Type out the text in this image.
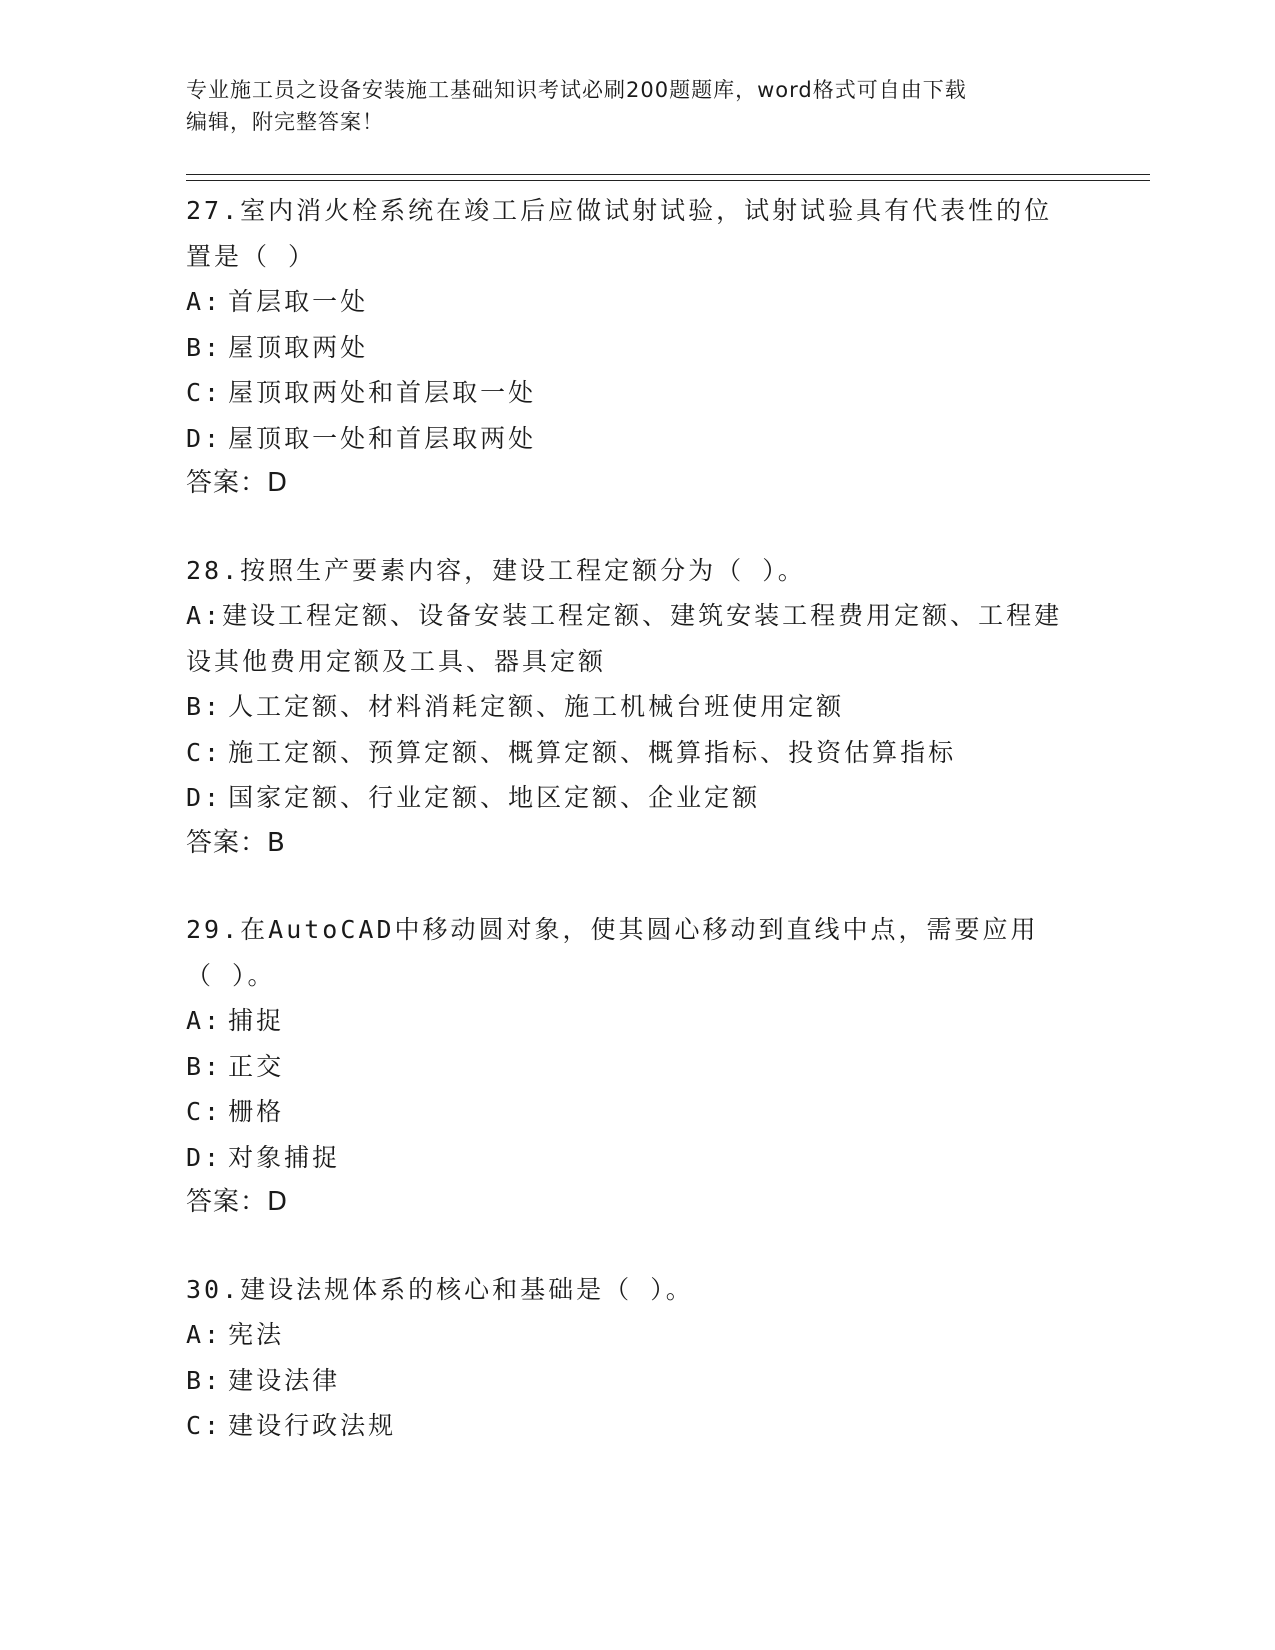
专业施工员之设备安装施工基础知识考试必刷200题题库，word格式可自由下载
编辑，附完整答案！

27.室内消火栓系统在竣工后应做试射试验，试射试验具有代表性的位置是（ ）

A: 首层取一处

B: 屋顶取两处

C: 屋顶取两处和首层取一处

D: 屋顶取一处和首层取两处

答案：D

28.按照生产要素内容，建设工程定额分为（ ）。

A:建设工程定额、设备安装工程定额、建筑安装工程费用定额、工程建设其他费用定额及工具、器具定额

B: 人工定额、材料消耗定额、施工机械台班使用定额

C: 施工定额、预算定额、概算定额、概算指标、投资估算指标

D: 国家定额、行业定额、地区定额、企业定额

答案：B

29.在AutoCAD中移动圆对象，使其圆心移动到直线中点，需要应用（ ）。

A: 捕捉

B: 正交

C: 栅格

D: 对象捕捉

答案：D

30.建设法规体系的核心和基础是（ ）。

A: 宪法

B: 建设法律

C: 建设行政法规
